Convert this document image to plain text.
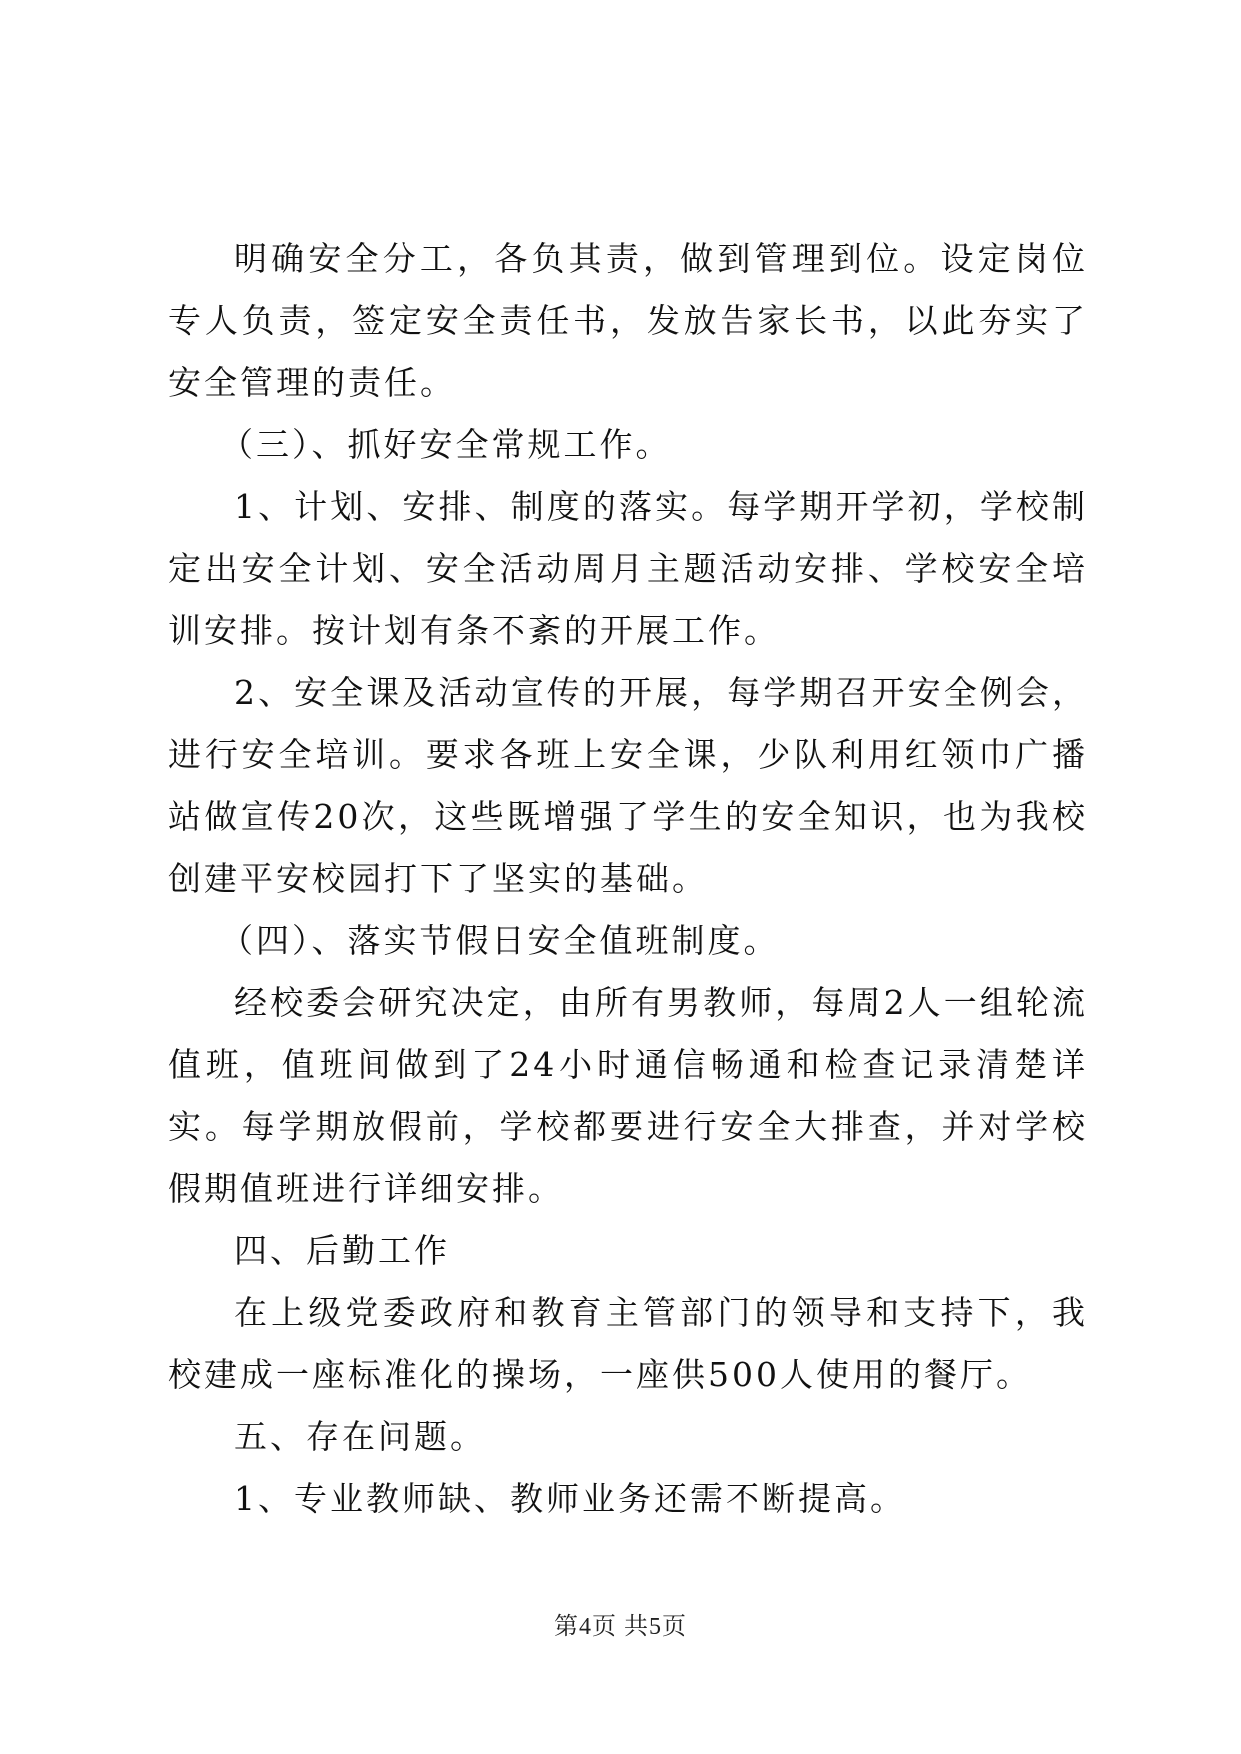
明确安全分工，各负其责，做到管理到位。设定岗位专人负责，签定安全责任书，发放告家长书，以此夯实了安全管理的责任。

（三）、抓好安全常规工作。

1、计划、安排、制度的落实。每学期开学初，学校制定出安全计划、安全活动周月主题活动安排、学校安全培训安排。按计划有条不紊的开展工作。

2、安全课及活动宣传的开展，每学期召开安全例会，进行安全培训。要求各班上安全课，少队利用红领巾广播站做宣传20次，这些既增强了学生的安全知识，也为我校创建平安校园打下了坚实的基础。

（四）、落实节假日安全值班制度。

经校委会研究决定，由所有男教师，每周2人一组轮流值班，值班间做到了24小时通信畅通和检查记录清楚详实。每学期放假前，学校都要进行安全大排查，并对学校假期值班进行详细安排。

四、后勤工作

在上级党委政府和教育主管部门的领导和支持下，我校建成一座标准化的操场，一座供500人使用的餐厅。

五、存在问题。

1、专业教师缺、教师业务还需不断提高。

第4页 共5页
